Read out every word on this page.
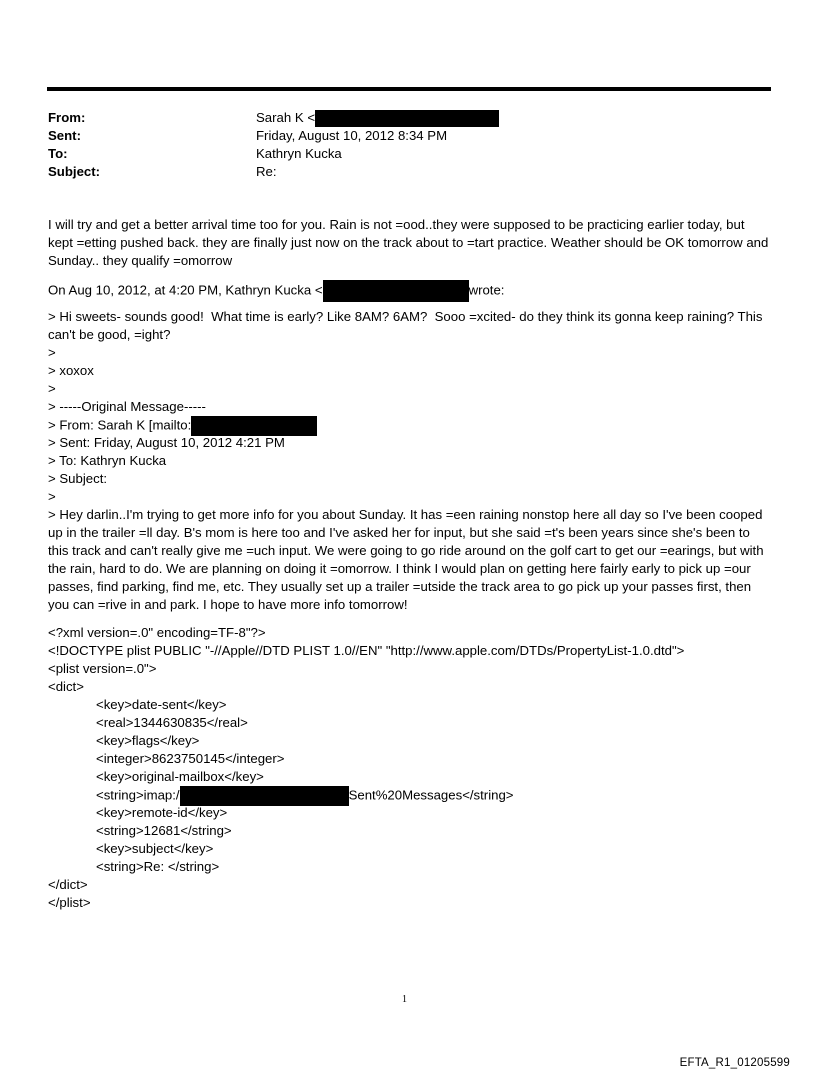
From:	Sarah K <
Sent:	Friday, August 10, 2012 8:34 PM
To:	Kathryn Kucka
Subject:	Re:

I will try and get a better arrival time too for you. Rain is not =ood..they were supposed to be practicing earlier today, but kept =etting pushed back. they are finally just now on the track about to =tart practice. Weather should be OK tomorrow and Sunday.. they qualify =omorrow

On Aug 10, 2012, at 4:20 PM, Kathryn Kucka <	wrote:

> Hi sweets- sounds good!  What time is early? Like 8AM? 6AM?  Sooo =xcited- do they think its gonna keep raining? This can't be good, =ight?

>
> xoxox
>
> -----Original Message-----
> From: Sarah K [mailto:
> Sent: Friday, August 10, 2012 4:21 PM
> To: Kathryn Kucka
> Subject:
>

> Hey darlin..I'm trying to get more info for you about Sunday. It has =een raining nonstop here all day so I've been cooped up in the trailer =ll day. B's mom is here too and I've asked her for input, but she said =t's been years since she's been to this track and can't really give me =uch input. We were going to go ride around on the golf cart to get our =earings, but with the rain, hard to do. We are planning on doing it =omorrow. I think I would plan on getting here fairly early to pick up =our passes, find parking, find me, etc. They usually set up a trailer =utside the track area to go pick up your passes first, then you can =rive in and park. I hope to have more info tomorrow!

<?xml version=.0" encoding=TF-8"?>
<!DOCTYPE plist PUBLIC "-//Apple//DTD PLIST 1.0//EN" "http://www.apple.com/DTDs/PropertyList-1.0.dtd">
<plist version=.0">
<dict>
<key>date-sent</key>
<real>1344630835</real>
<key>flags</key>
<integer>8623750145</integer>
<key>original-mailbox</key>
<string>imap:/	Sent%20Messages</string>
<key>remote-id</key>
<string>12681</string>
<key>subject</key>
<string>Re: </string>
</dict>
</plist>
1
EFTA_R1_01205599
